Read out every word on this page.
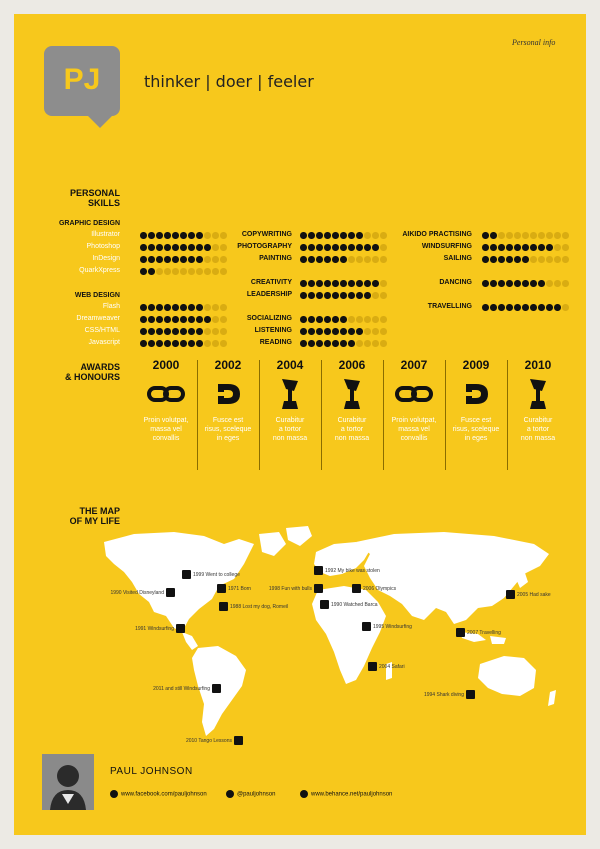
Personal info
PJ	thinker | doer | feeler
PERSONAL
SKILLS
GRAPHIC DESIGN
Illustrator
Photoshop
InDesign
QuarkXpress
WEB DESIGN
Flash
Dreamweaver
CSS/HTML
Javascript
COPYWRITING
PHOTOGRAPHY
PAINTING
CREATIVITY
LEADERSHIP
SOCIALIZING
LISTENING
READING
AIKIDO PRACTISING
WINDSURFING
SAILING
DANCING
TRAVELLING
AWARDS
& HONOURS
2000
Proin volutpat,
massa vel
convallis
2002
Fusce est
risus, sceleque
in eges
2004
Curabitur
a tortor
non massa
2006
Curabitur
a tortor
non massa
2007
Proin volutpat,
massa vel
convallis
2009
Fusce est
risus, sceleque
in eges
2010
Curabitur
a tortor
non massa
THE MAP
OF MY LIFE
1999 Went to college
1990 Visited Disneyland
1971 Born
1988 Lost my dog, Romeil
1991 Windsurfing
2011 and still Windsurfing
2010 Tango Lessons
1992 My bike was stolen
1998 Fun with bulls
1990 Watched Barca
2006 Olympics
1995 Windsurfing
2004 Safari
2005 Had sake
2007 Travelling
1994 Shark diving
PAUL JOHNSON
www.facebook.com/pauljohnson	@pauljohnson	www.behance.net/pauljohnson
